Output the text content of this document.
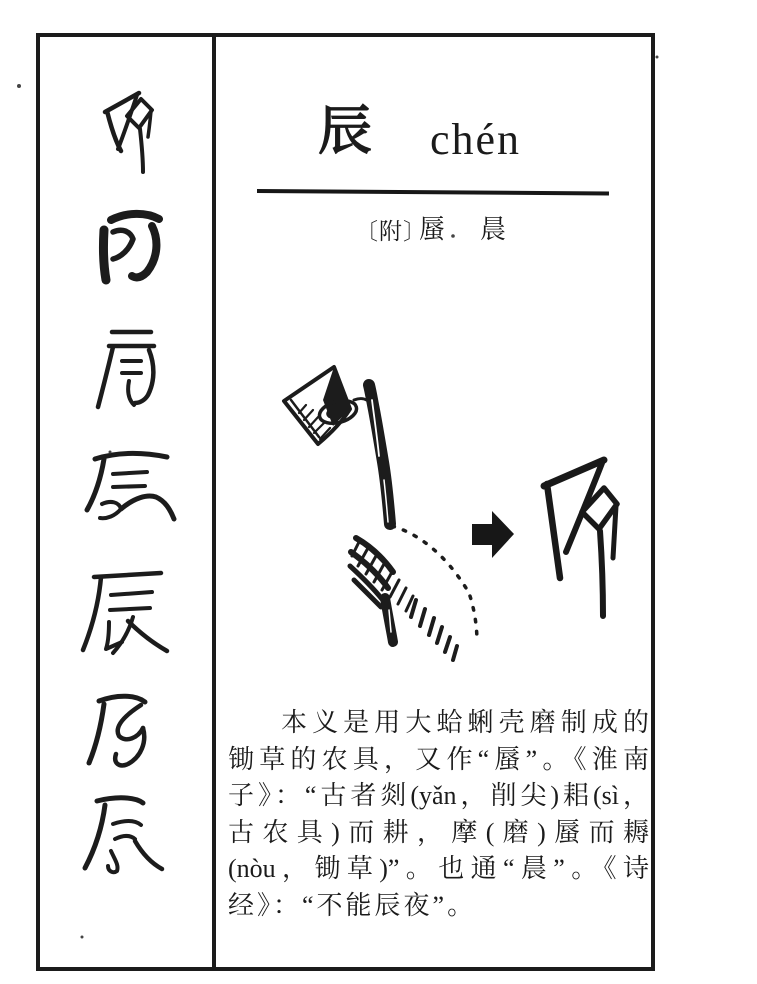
辰 chén
〔附〕
蜃 晨
本义是用大蛤蜊壳磨制成的
锄草的农具，又作“蜃”。《淮南
子》：“古者剡(yǎn，削尖)耜(sì，
古农具)而耕，摩(磨)蜃而耨
(nòu，锄草)”。也通“晨”。《诗
经》：“不能辰夜”。
